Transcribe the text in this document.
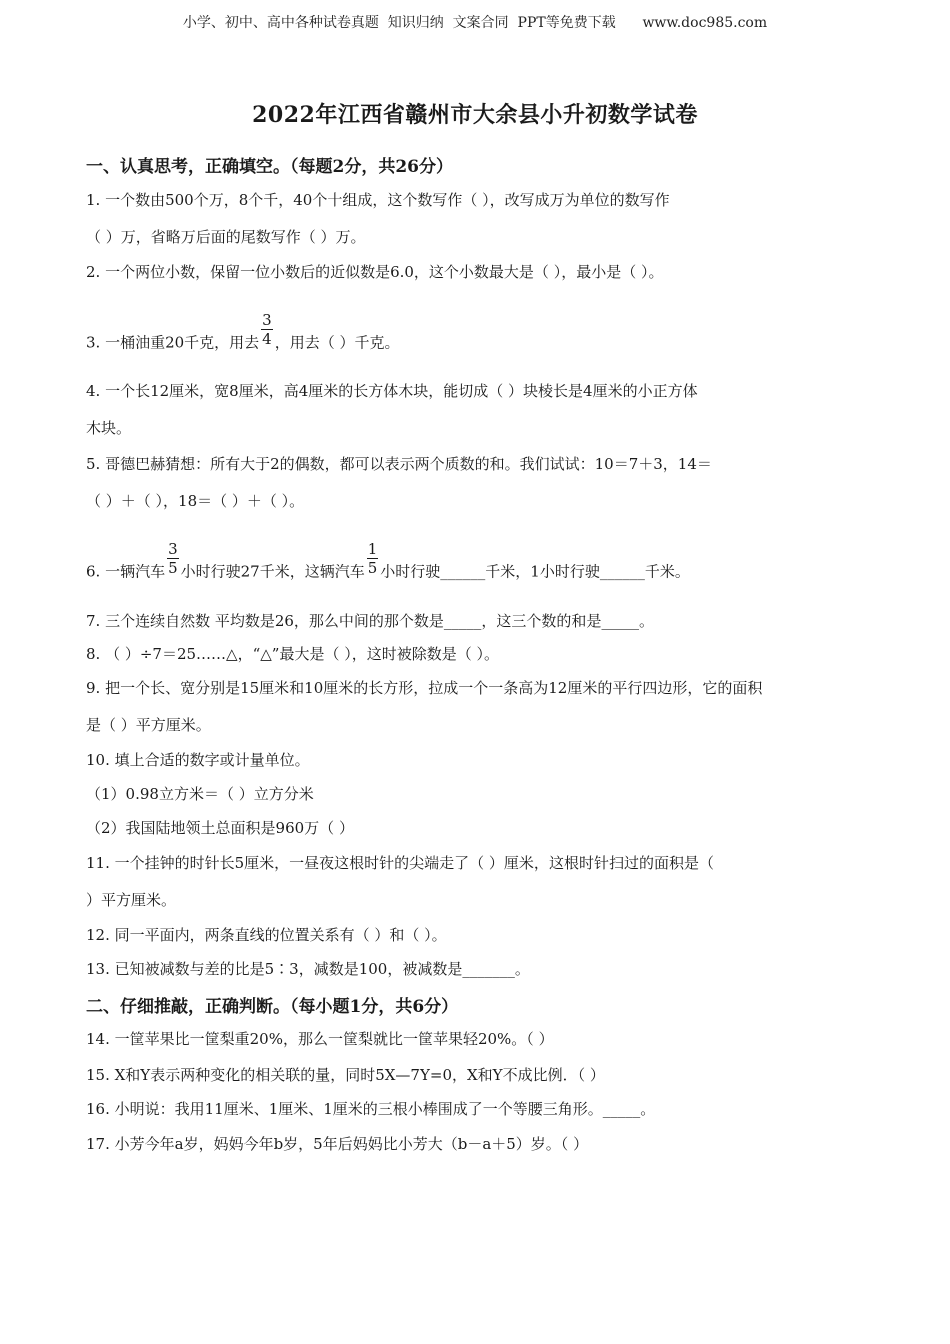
小学、初中、高中各种试卷真题  知识归纳  文案合同  PPT等免费下载      www.doc985.com
2022年江西省赣州市大余县小升初数学试卷
一、认真思考，正确填空。（每题2分，共26分）
1. 一个数由500个万，8个千，40个十组成，这个数写作（ ），改写成万为单位的数写作
（ ）万，省略万后面的尾数写作（ ）万。
2. 一个两位小数，保留一位小数后的近似数是6.0，这个小数最大是（ ），最小是（ ）。
3. 一桶油重20千克，用去 $\frac{3}{4}$ ，用去（ ）千克。
4. 一个长12厘米，宽8厘米，高4厘米的长方体木块，能切成（ ）块棱长是4厘米的小正方体
木块。
5. 哥德巴赫猜想：所有大于2的偶数，都可以表示两个质数的和。我们试试：10＝7＋3，14＝
（ ）＋（ ），18＝（ ）＋（ ）。
6. 一辆汽车 $\frac{3}{5}$ 小时行驶27千米，这辆汽车 $\frac{1}{5}$ 小时行驶______千米，1小时行驶______千米。
7. 三个连续自然数 平均数是26，那么中间的那个数是_____，这三个数的和是_____。
8. （ ）÷7＝25……△，“△”最大是（ ），这时被除数是（ ）。
9. 把一个长、宽分别是15厘米和10厘米的长方形，拉成一个一条高为12厘米的平行四边形，它的面积
是（ ）平方厘米。
10. 填上合适的数字或计量单位。
（1）0.98立方米＝（ ）立方分米
（2）我国陆地领土总面积是960万（ ）
11. 一个挂钟的时针长5厘米，一昼夜这根时针的尖端走了（ ）厘米，这根时针扫过的面积是（
）平方厘米。
12. 同一平面内，两条直线的位置关系有（ ）和（ ）。
13. 已知被减数与差的比是5∶3，减数是100，被减数是_______。
二、仔细推敲，正确判断。（每小题1分，共6分）
14. 一筐苹果比一筐梨重20%，那么一筐梨就比一筐苹果轻20%。（ ）
15. X和Y表示两种变化的相关联的量，同时5X—7Y=0，X和Y不成比例．（ ）
16. 小明说：我用11厘米、1厘米、1厘米的三根小棒围成了一个等腰三角形。_____。
17. 小芳今年a岁，妈妈今年b岁，5年后妈妈比小芳大（b－a＋5）岁。（ ）
